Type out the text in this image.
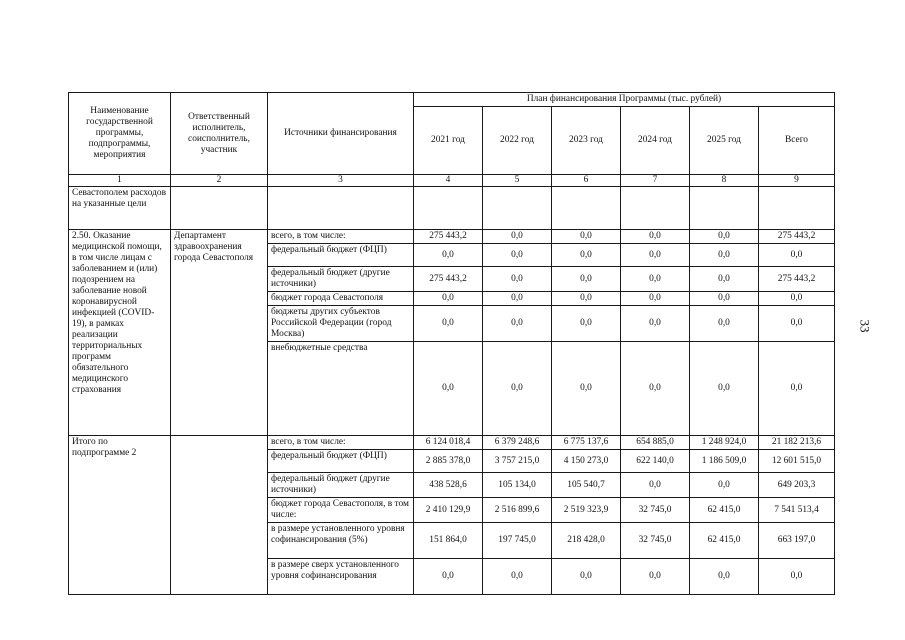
33
Наименование государственной программы, подпрограммы, мероприятия	Ответственный исполнитель, соисполнитель, участник	Источники финансирования	План финансирования Программы (тыс. рублей)					
			2021 год	2022 год	2023 год	2024 год	2025 год	Всего
1	2	3	4	5	6	7	8	9
Севастополем расходов на указанные цели								
2.50. Оказание медицинской помощи, в том числе лицам с заболеванием и (или) подозрением на заболевание новой коронавирусной инфекцией (COVID-19), в рамках реализации территориальных программ обязательного медицинского страхования	Департамент здравоохранения города Севастополя	всего, в том числе:	275 443,2	0,0	0,0	0,0	0,0	275 443,2
		федеральный бюджет (ФЦП)	0,0	0,0	0,0	0,0	0,0	0,0
		федеральный бюджет (другие источники)	275 443,2	0,0	0,0	0,0	0,0	275 443,2
		бюджет города Севастополя	0,0	0,0	0,0	0,0	0,0	0,0
		бюджеты других субъектов Российской Федерации (город Москва)	0,0	0,0	0,0	0,0	0,0	0,0
		внебюджетные средства	0,0	0,0	0,0	0,0	0,0	0,0
Итого по подпрограмме 2		всего, в том числе:	6 124 018,4	6 379 248,6	6 775 137,6	654 885,0	1 248 924,0	21 182 213,6
		федеральный бюджет (ФЦП)	2 885 378,0	3 757 215,0	4 150 273,0	622 140,0	1 186 509,0	12 601 515,0
		федеральный бюджет (другие источники)	438 528,6	105 134,0	105 540,7	0,0	0,0	649 203,3
		бюджет города Севастополя, в том числе:	2 410 129,9	2 516 899,6	2 519 323,9	32 745,0	62 415,0	7 541 513,4
		в размере установленного уровня софинансирования (5%)	151 864,0	197 745,0	218 428,0	32 745,0	62 415,0	663 197,0
		в размере сверх установленного уровня софинансирования	0,0	0,0	0,0	0,0	0,0	0,0
